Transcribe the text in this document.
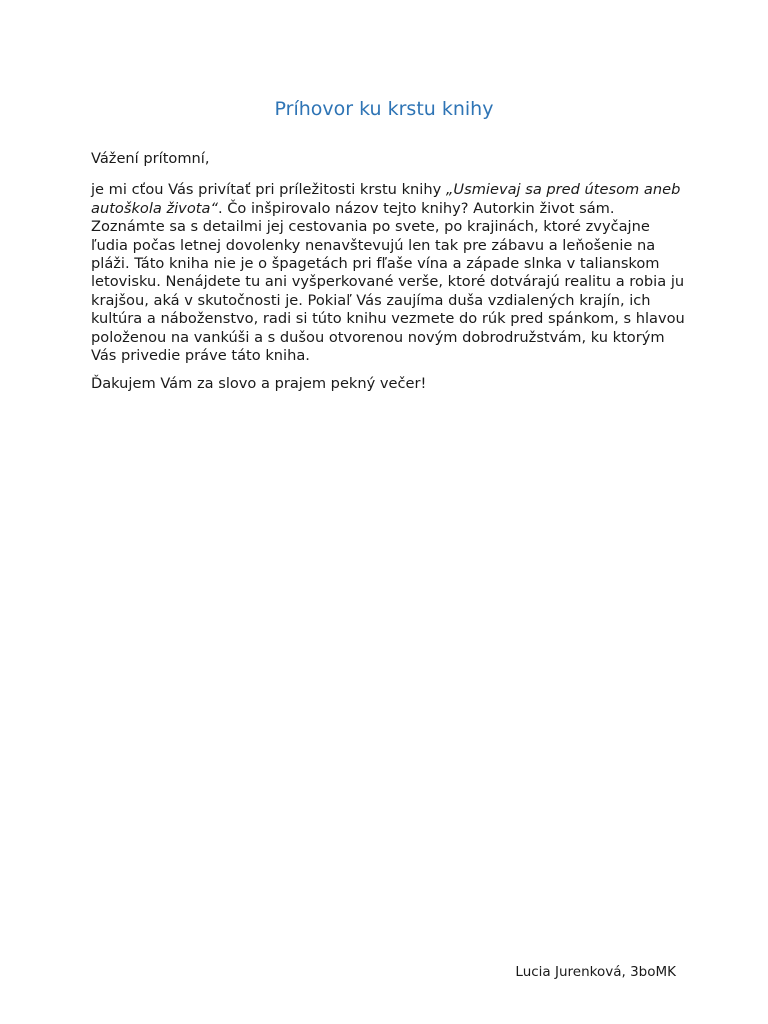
Príhovor ku krstu knihy

Vážení prítomní,

je mi cťou Vás privítať pri príležitosti krstu knihy „Usmievaj sa pred útesom aneb autoškola života“. Čo inšpirovalo názov tejto knihy? Autorkin život sám. Zoznámte sa s detailmi jej cestovania po svete, po krajinách, ktoré zvyčajne ľudia počas letnej dovolenky nenavštevujú len tak pre zábavu a leňošenie na pláži. Táto kniha nie je o špagetách pri fľaše vína a západe slnka v talianskom letovisku. Nenájdete tu ani vyšperkované verše, ktoré dotvárajú realitu a robia ju krajšou, aká v skutočnosti je. Pokiaľ Vás zaujíma duša vzdialených krajín, ich kultúra a náboženstvo, radi si túto knihu vezmete do rúk pred spánkom, s hlavou položenou na vankúši a s dušou otvorenou novým dobrodružstvám, ku ktorým Vás privedie práve táto kniha.

Ďakujem Vám za slovo a prajem pekný večer!

Lucia Jurenková, 3boMK
